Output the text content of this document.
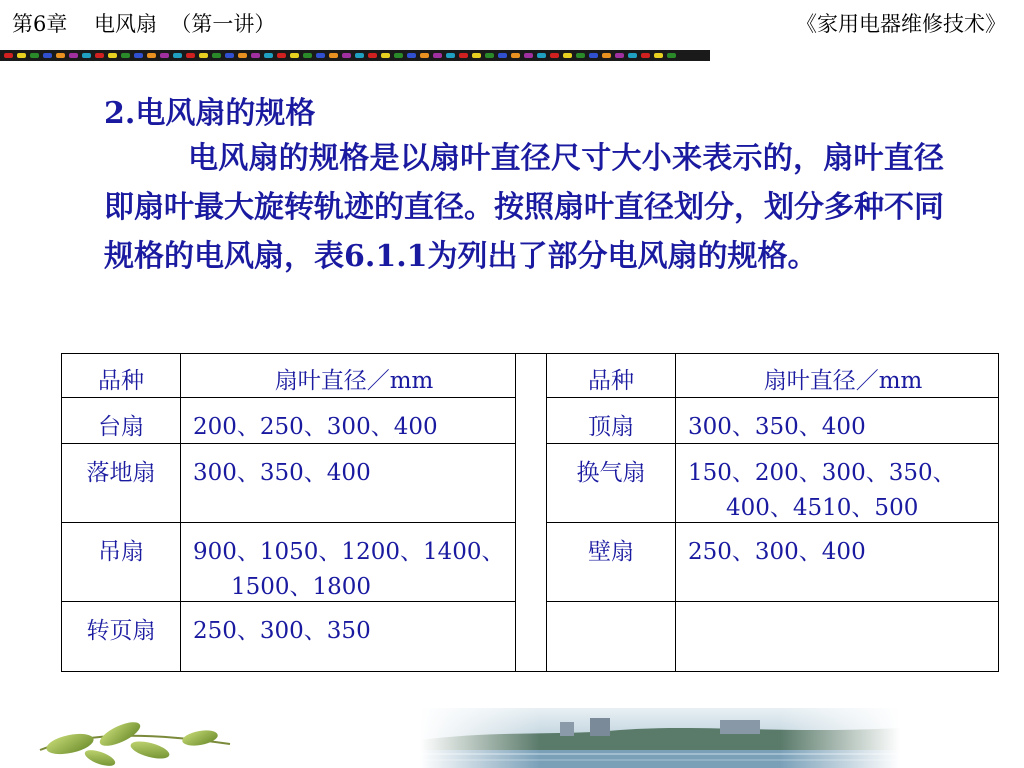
第6章    电风扇  （第一讲）	《家用电器维修技术》
2.电风扇的规格
电风扇的规格是以扇叶直径尺寸大小来表示的，扇叶直径即扇叶最大旋转轨迹的直径。按照扇叶直径划分，划分多种不同规格的电风扇，表6.1.1为列出了部分电风扇的规格。
品种	扇叶直径／mm		品种	扇叶直径／mm

台扇	200、250、300、400		顶扇	300、350、400

落地扇	300、350、400		换气扇	150、200、300、350、
400、4510、500

吊扇	900、1050、1200、1400、
1500、1800		壁扇	250、300、400

转页扇	250、300、350			
